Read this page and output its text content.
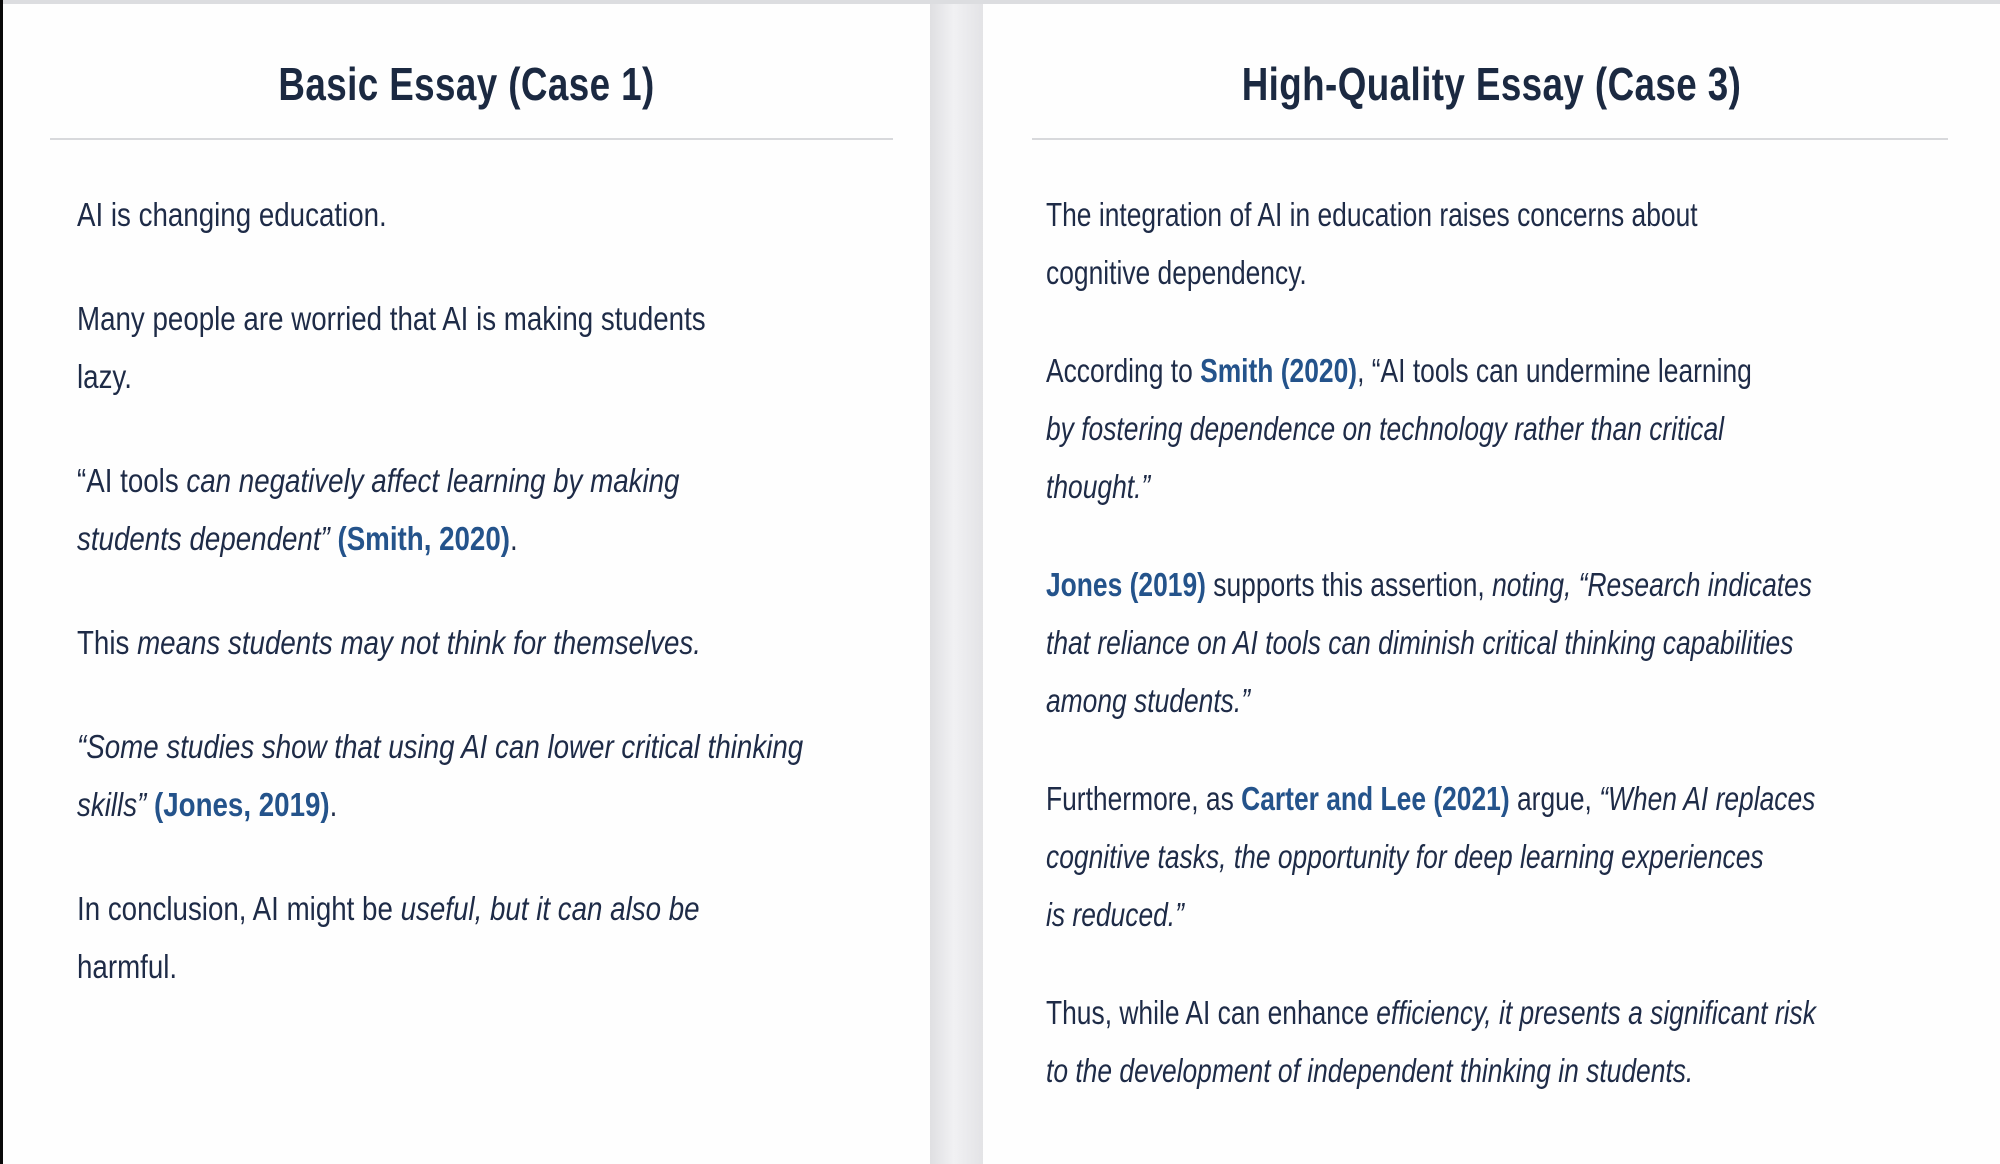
Basic Essay (Case 1)
AI is changing education.
Many people are worried that AI is making students
lazy.
“AI tools can negatively affect learning by making
students dependent” (Smith, 2020).
This means students may not think for themselves.
“Some studies show that using AI can lower critical thinking
skills” (Jones, 2019).
In conclusion, AI might be useful, but it can also be
harmful.
High-Quality Essay (Case 3)
The integration of AI in education raises concerns about
cognitive dependency.
According to Smith (2020), “AI tools can undermine learning
by fostering dependence on technology rather than critical
thought.”
Jones (2019) supports this assertion, noting, “Research indicates
that reliance on AI tools can diminish critical thinking capabilities
among students.”
Furthermore, as Carter and Lee (2021) argue, “When AI replaces
cognitive tasks, the opportunity for deep learning experiences
is reduced.”
Thus, while AI can enhance efficiency, it presents a significant risk
to the development of independent thinking in students.
